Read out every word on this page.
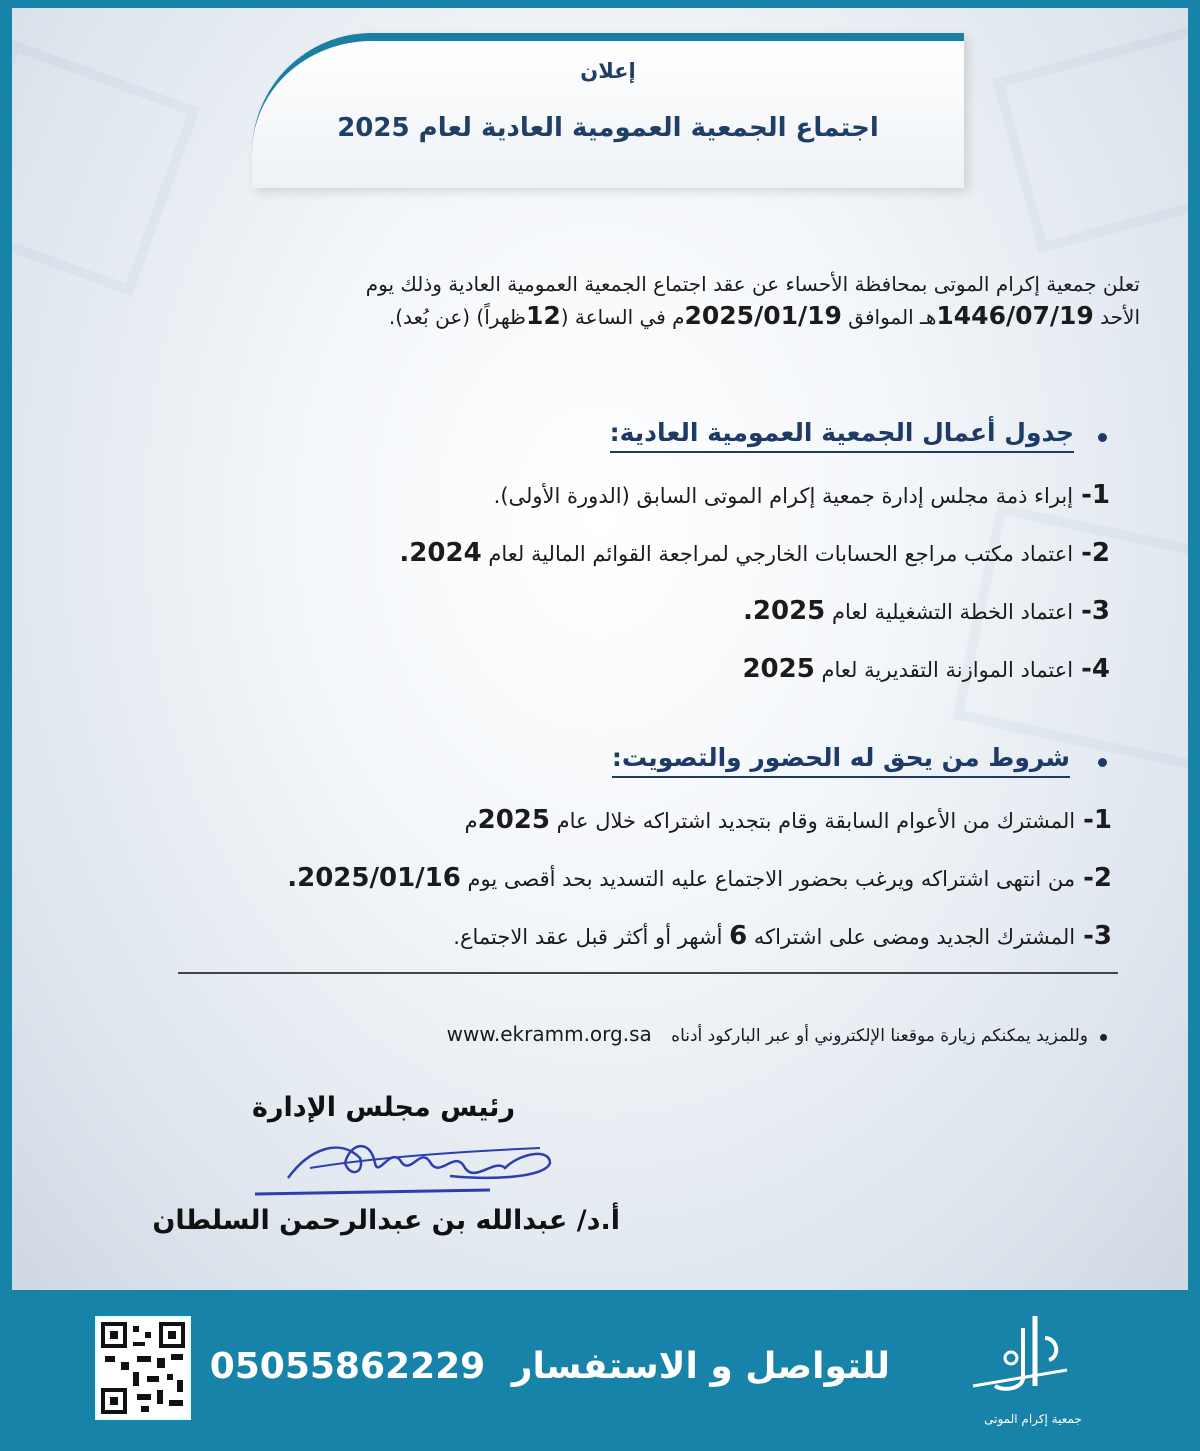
إعلان
اجتماع الجمعية العمومية العادية لعام 2025
تعلن جمعية إكرام الموتى بمحافظة الأحساء عن عقد اجتماع الجمعية العمومية العادية وذلك يوم
الأحد 1446/07/19هـ الموافق 2025/01/19م في الساعة (12ظهراً) (عن بُعد).
جدول أعمال الجمعية العمومية العادية:
1-إبراء ذمة مجلس إدارة جمعية إكرام الموتى السابق (الدورة الأولى).
2-اعتماد مكتب مراجع الحسابات الخارجي لمراجعة القوائم المالية لعام 2024.
3-اعتماد الخطة التشغيلية لعام 2025.
4-اعتماد الموازنة التقديرية لعام 2025
شروط من يحق له الحضور والتصويت:
1-المشترك من الأعوام السابقة وقام بتجديد اشتراكه خلال عام 2025م
2-من انتهى اشتراكه ويرغب بحضور الاجتماع عليه التسديد بحد أقصى يوم 2025/01/16.
3-المشترك الجديد ومضى على اشتراكه 6 أشهر أو أكثر قبل عقد الاجتماع.
وللمزيد يمكنكم زيارة موقعنا الإلكتروني أو عبر الباركود أدناه www.ekramm.org.sa
رئيس مجلس الإدارة
أ.د/ عبدالله بن عبدالرحمن السلطان
للتواصل و الاستفسار 05055862229
جمعية إكرام الموتى
